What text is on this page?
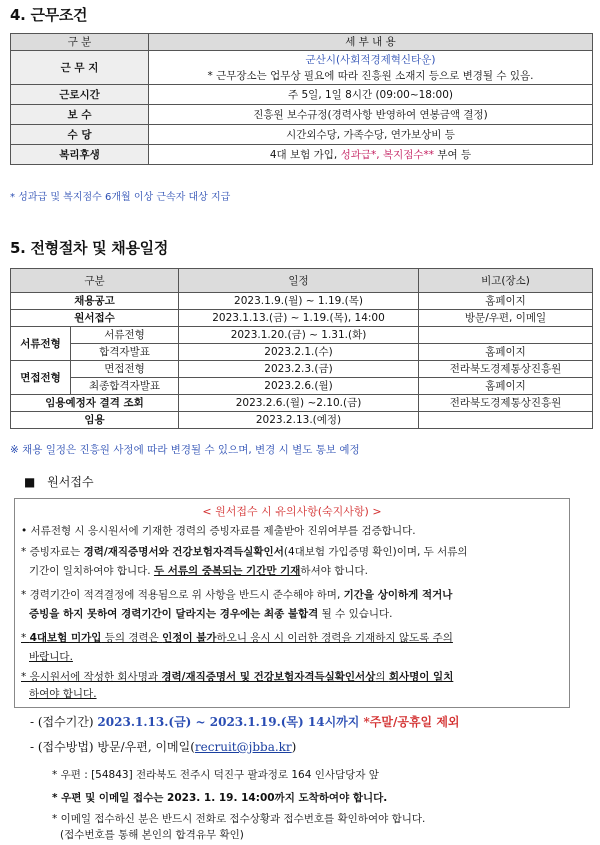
4. 근무조건
구 분	세 부 내 용
근 무 지	군산시(사회적경제혁신타운)
* 근무장소는 업무상 필요에 따라 진흥원 소재지 등으로 변경될 수 있음.

근로시간	주 5일, 1일 8시간 (09:00~18:00)
보 수	진흥원 보수규정(경력사항 반영하여 연봉금액 결정)
수 당	시간외수당, 가족수당, 연가보상비 등
복리후생	4대 보험 가입, 성과급*, 복지점수** 부여 등
* 성과급 및 복지점수 6개월 이상 근속자 대상 지급
5. 전형절차 및 채용일정
구분		일정	비고(장소)
채용공고		2023.1.9.(월) ~ 1.19.(목)	홈페이지
원서접수		2023.1.13.(금) ~ 1.19.(목), 14:00	방문/우편, 이메일
서류전형	서류전형	2023.1.20.(금) ~ 1.31.(화)	
	합격자발표	2023.2.1.(수)	홈페이지
면접전형	면접전형	2023.2.3.(금)	전라북도경제통상진흥원
	최종합격자발표	2023.2.6.(월)	홈페이지
임용예정자 결격 조회		2023.2.6.(월) ~2.10.(금)	전라북도경제통상진흥원
임용		2023.2.13.(예정)	
※ 채용 일정은 진흥원 사정에 따라 변경될 수 있으며, 변경 시 별도 통보 예정
■ 원서접수
< 원서접수 시 유의사항(숙지사항) >
• 서류전형 시 응시원서에 기재한 경력의 증빙자료를 제출받아 진위여부를 검증합니다.
* 증빙자료는 경력/재직증명서와 건강보험자격득실확인서(4대보험 가입증명 확인)이며, 두 서류의
기간이 일치하여야 합니다. 두 서류의 중복되는 기간만 기재하셔야 합니다.
* 경력기간이 적격결정에 적용됨으로 위 사항을 반드시 준수해야 하며, 기간을 상이하게 적거나
증빙을 하지 못하여 경력기간이 달라지는 경우에는 최종 불합격 될 수 있습니다.
* 4대보험 미가입 등의 경력은 인정이 불가하오니 응시 시 이러한 경력을 기재하지 않도록 주의
바랍니다.
* 응시원서에 작성한 회사명과 경력/재직증명서 및 건강보험자격득실확인서상의 회사명이 일치
하여야 합니다.
- (접수기간) 2023.1.13.(금) ~ 2023.1.19.(목) 14시까지 *주말/공휴일 제외
- (접수방법) 방문/우편, 이메일(recruit@jbba.kr)
* 우편 : [54843] 전라북도 전주시 덕진구 팔과정로 164 인사담당자 앞
* 우편 및 이메일 접수는 2023. 1. 19. 14:00까지 도착하여야 합니다.
* 이메일 접수하신 분은 반드시 전화로 접수상황과 접수번호를 확인하여야 합니다.
(접수번호를 통해 본인의 합격유무 확인)
